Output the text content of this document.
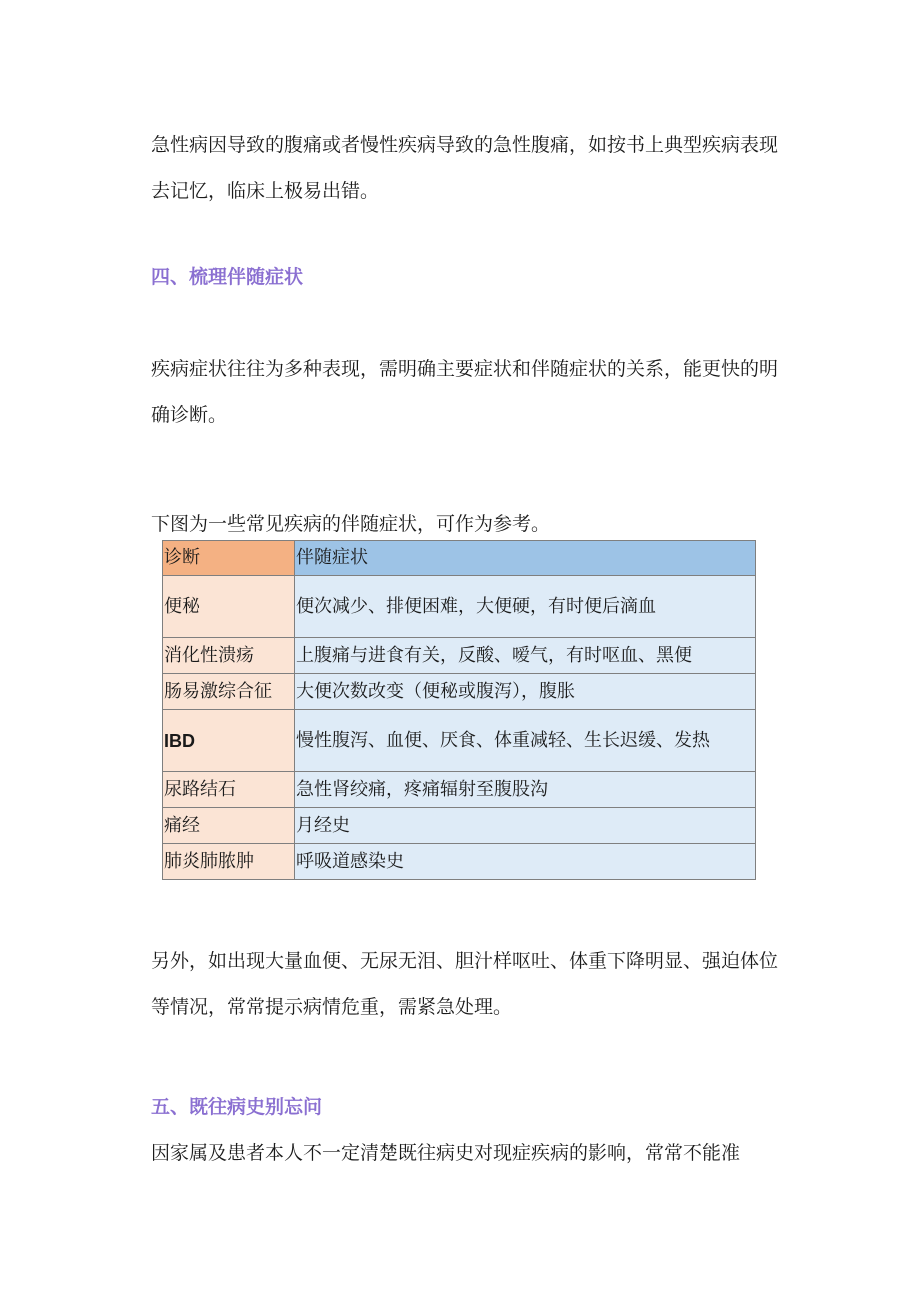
急性病因导致的腹痛或者慢性疾病导致的急性腹痛，如按书上典型疾病表现去记忆，临床上极易出错。

四、梳理伴随症状

疾病症状往往为多种表现，需明确主要症状和伴随症状的关系，能更快的明确诊断。

下图为一些常见疾病的伴随症状，可作为参考。

诊断	伴随症状
便秘	便次减少、排便困难，大便硬，有时便后滴血
消化性溃疡	上腹痛与进食有关，反酸、嗳气，有时呕血、黑便
肠易激综合征	大便次数改变（便秘或腹泻），腹胀
IBD	慢性腹泻、血便、厌食、体重减轻、生长迟缓、发热
尿路结石	急性肾绞痛，疼痛辐射至腹股沟
痛经	月经史
肺炎肺脓肿	呼吸道感染史

另外，如出现大量血便、无尿无泪、胆汁样呕吐、体重下降明显、强迫体位等情况，常常提示病情危重，需紧急处理。

五、既往病史别忘问

因家属及患者本人不一定清楚既往病史对现症疾病的影响，常常不能准
